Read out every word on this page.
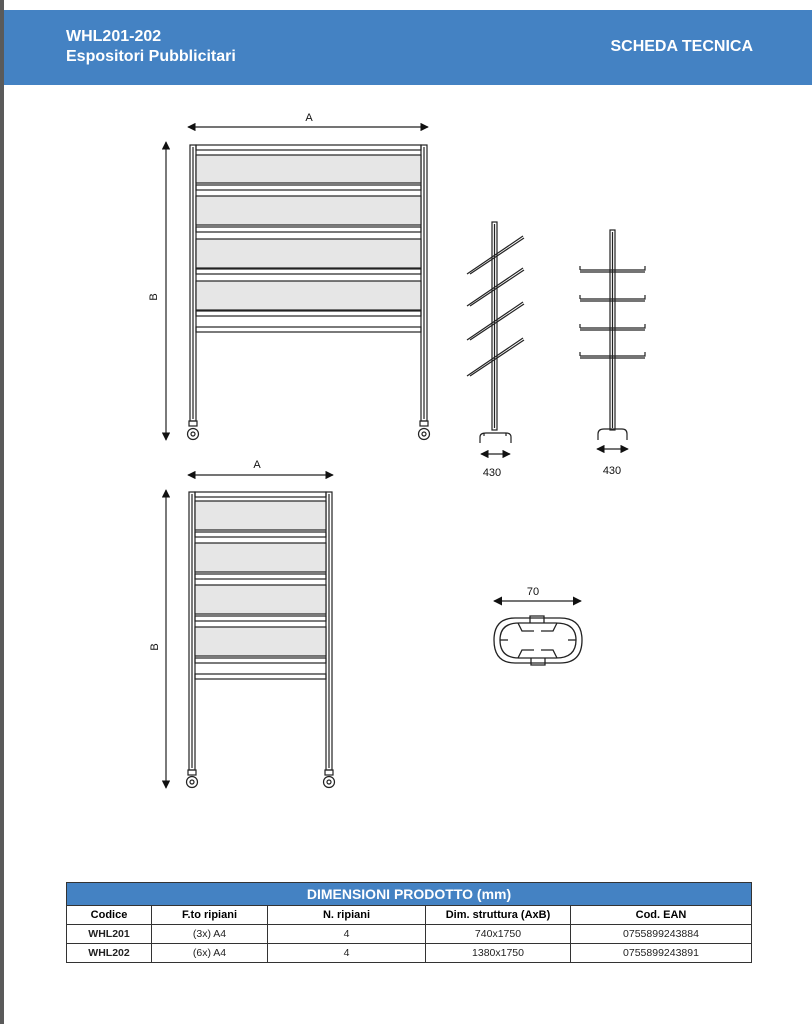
WHL201-202
Espositori Pubblicitari
SCHEDA TECNICA
A
B
430	430
A
B
70
DIMENSIONI PRODOTTO (mm)				
Codice	F.to ripiani	N. ripiani	Dim. struttura (AxB)	Cod. EAN
WHL201	(3x) A4	4	740x1750	0755899243884
WHL202	(6x) A4	4	1380x1750	0755899243891
